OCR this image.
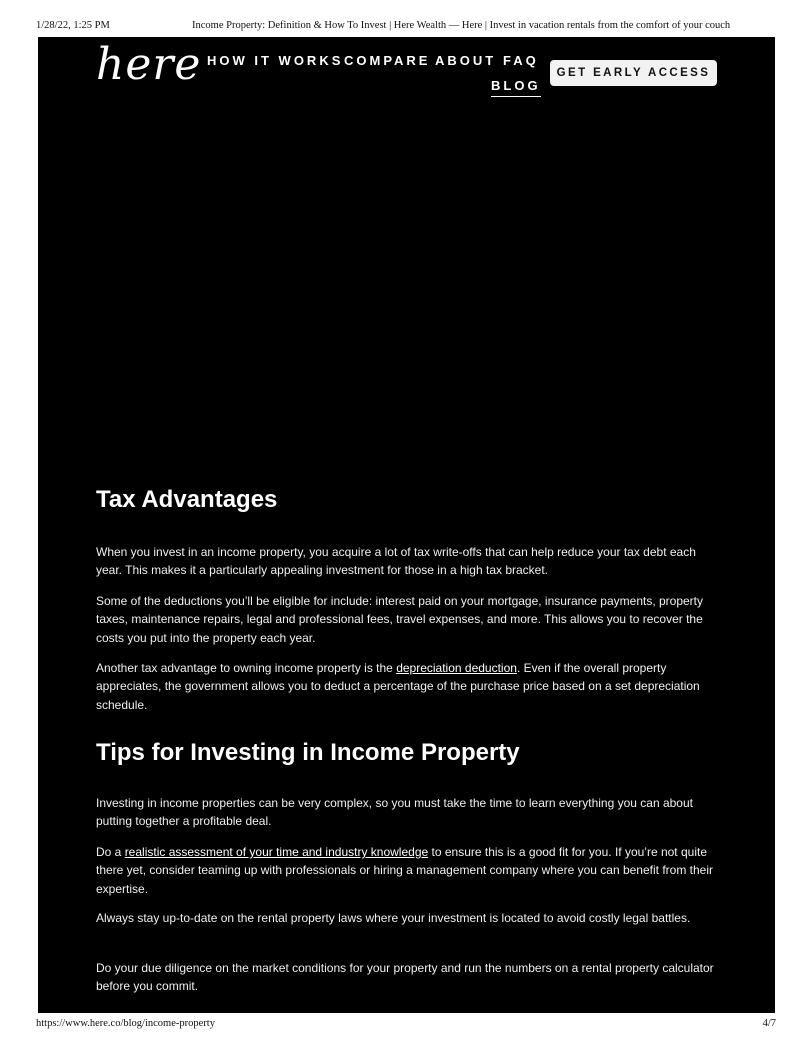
1/28/22, 1:25 PM	Income Property: Definition & How To Invest | Here Wealth — Here | Invest in vacation rentals from the comfort of your couch
here HOW IT WORKS COMPARE ABOUT FAQ
BLOG
GET EARLY ACCESS
Tax Advantages

When you invest in an income property, you acquire a lot of tax write-offs that can help reduce your tax debt each year. This makes it a particularly appealing investment for those in a high tax bracket.

Some of the deductions you’ll be eligible for include: interest paid on your mortgage, insurance payments, property taxes, maintenance repairs, legal and professional fees, travel expenses, and more. This allows you to recover the costs you put into the property each year.

Another tax advantage to owning income property is the depreciation deduction. Even if the overall property appreciates, the government allows you to deduct a percentage of the purchase price based on a set depreciation schedule.

Tips for Investing in Income Property

Investing in income properties can be very complex, so you must take the time to learn everything you can about putting together a profitable deal.

Do a realistic assessment of your time and industry knowledge to ensure this is a good fit for you. If you’re not quite there yet, consider teaming up with professionals or hiring a management company where you can benefit from their expertise.

Always stay up-to-date on the rental property laws where your investment is located to avoid costly legal battles.

Do your due diligence on the market conditions for your property and run the numbers on a rental property calculator before you commit.

https://www.here.co/blog/income-property	4/7
